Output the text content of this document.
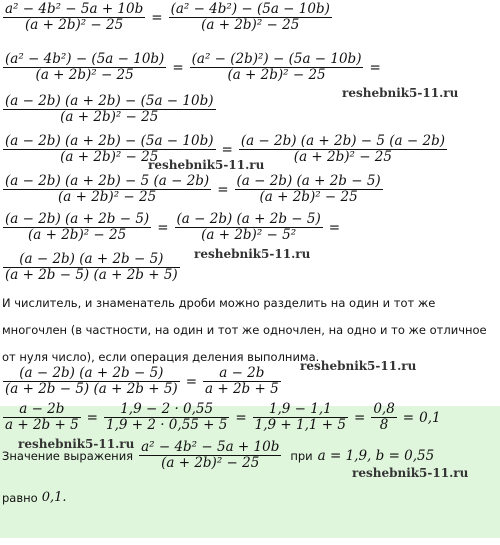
$\frac{\text{a² − 4b² − 5a + 10b}}{\text{(a + 2b)² − 25}} = \frac{\text{(a² − 4b²) − (5a − 10b)}}{\text{(a + 2b)² − 25}}$
$\frac{\text{(a² − 4b²) − (5a − 10b)}}{\text{(a + 2b)² − 25}} = \frac{\text{(a² − (2b)²) − (5a − 10b)}}{\text{(a + 2b)² − 25}}$ =
$\frac{(a - 2b) (a + 2b) - (5a - 10b)}{\text{(a + 2b)² − 25}}$
$\frac{(a - 2b) (a + 2b) - (5a - 10b)}{\text{(a + 2b)² − 25}} = \frac{(a - 2b) (a + 2b) - 5 (a - 2b)}{\text{(a + 2b)² − 25}}$
$\frac{(a - 2b) (a + 2b) - 5 (a - 2b)}{\text{(a + 2b)² − 25}} = \frac{(a - 2b) (a + 2b - 5)}{\text{(a + 2b)² − 25}}$
$\frac{(a - 2b) (a + 2b - 5)}{\text{(a + 2b)² − 25}} = \frac{(a - 2b) (a + 2b - 5)}{\text{(a + 2b)² − 5²}}$ =
$\frac{(a - 2b) (a + 2b - 5)}{(a + 2b - 5) (a + 2b + 5)}$
И числитель, и знаменатель дроби можно разделить на один и тот же
многочлен (в частности, на один и тот же одночлен, на одно и то же отличное
от нуля число), если операция деления выполнима.
$\frac{(a - 2b) (a + 2b - 5)}{(a + 2b - 5) (a + 2b + 5)} = \frac{a - 2b}{a + 2b + 5}$
$\frac{a - 2b}{a + 2b + 5} = \frac{1,9 - 2 \cdot 0,55}{1,9 + 2 \cdot 0,55 + 5} = \frac{1,9 - 1,1}{1,9 + 1,1 + 5} = \frac{0,8}{8} = 0,1$
Значение выражения $\frac{\text{a² − 4b² − 5a + 10b}}{\text{(a + 2b)² − 25}}$ при a = 1,9, b = 0,55
равно 0,1.
reshebnik5-11.ru
reshebnik5-11.ru
reshebnik5-11.ru
reshebnik5-11.ru
reshebnik5-11.ru
reshebnik5-11.ru
